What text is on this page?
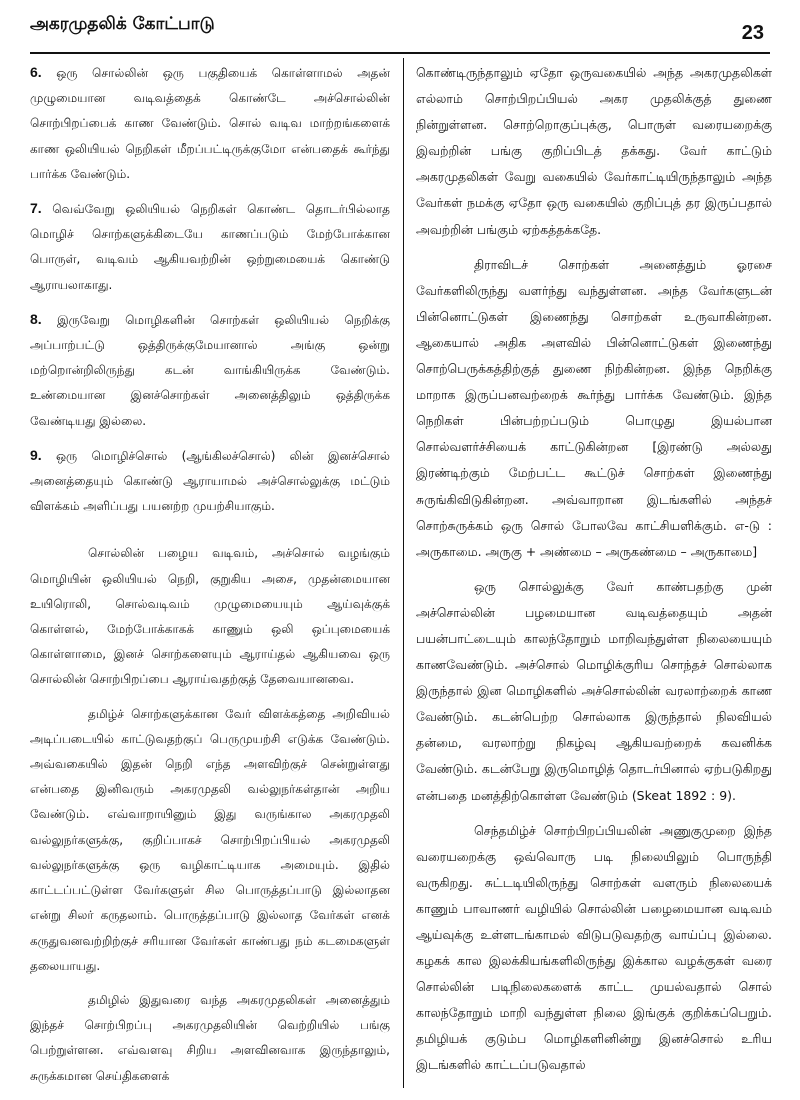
அகரமுதலிக் கோட்பாடு	23

6. ஒரு சொல்லின் ஒரு பகுதியைக் கொள்ளாமல் அதன் முழுமையான வடிவத்தைக் கொண்டே அச்சொல்லின் சொற்பிறப்பைக் காண வேண்டும். சொல் வடிவ மாற்றங்களைக் காண ஒலியியல் நெறிகள் மீறப்பட்டிருக்குமோ என்பதைக் கூர்ந்து பார்க்க வேண்டும்.

7. வெவ்வேறு ஒலியியல் நெறிகள் கொண்ட தொடர்பில்லாத மொழிச் சொற்களுக்கிடையே காணப்படும் மேற்போக்கான பொருள், வடிவம் ஆகியவற்றின் ஒற்றுமையைக் கொண்டு ஆராயலாகாது.

8. இருவேறு மொழிகளின் சொற்கள் ஒலியியல் நெறிக்கு அப்பாற்பட்டு ஒத்திருக்குமேயானால் அங்கு ஒன்று மற்றொன்றிலிருந்து கடன் வாங்கியிருக்க வேண்டும். உண்மையான இனச்சொற்கள் அனைத்திலும் ஒத்திருக்க வேண்டியது இல்லை.

9. ஒரு மொழிச்சொல் (ஆங்கிலச்சொல்) லின் இனச்சொல் அனைத்தையும் கொண்டு ஆராயாமல் அச்சொல்லுக்கு மட்டும் விளக்கம் அளிப்பது பயனற்ற முயற்சியாகும்.

சொல்லின் பழைய வடிவம், அச்சொல் வழங்கும் மொழியின் ஒலியியல் நெறி, குறுகிய அசை, முதன்மையான உயிரொலி, சொல்வடிவம் முழுமையையும் ஆய்வுக்குக் கொள்ளல், மேற்போக்காகக் காணும் ஒலி ஒப்புமையைக் கொள்ளாமை, இனச் சொற்களையும் ஆராய்தல் ஆகியவை ஒரு சொல்லின் சொற்பிறப்பை ஆராய்வதற்குத் தேவையானவை.

தமிழ்ச் சொற்களுக்கான வேர் விளக்கத்தை அறிவியல் அடிப்படையில் காட்டுவதற்குப் பெருமுயற்சி எடுக்க வேண்டும். அவ்வகையில் இதன் நெறி எந்த அளவிற்குச் சென்றுள்ளது என்பதை இனிவரும் அகரமுதலி வல்லுநர்கள்தான் அறிய வேண்டும். எவ்வாறாயினும் இது வருங்கால அகரமுதலி வல்லுநர்களுக்கு, குறிப்பாகச் சொற்பிறப்பியல் அகரமுதலி வல்லுநர்களுக்கு ஒரு வழிகாட்டியாக அமையும். இதில் காட்டப்பட்டுள்ள வேர்களுள் சில பொருத்தப்பாடு இல்லாதன என்று சிலர் கருதலாம். பொருத்தப்பாடு இல்லாத வேர்கள் எனக் கருதுவனவற்றிற்குச் சரியான வேர்கள் காண்பது நம் கடமைகளுள் தலையாயது.

தமிழில் இதுவரை வந்த அகரமுதலிகள் அனைத்தும் இந்தச் சொற்பிறப்பு அகரமுதலியின் வெற்றியில் பங்கு பெற்றுள்ளன. எவ்வளவு சிறிய அளவினவாக இருந்தாலும், சுருக்கமான செய்திகளைக்

கொண்டிருந்தாலும் ஏதோ ஒருவகையில் அந்த அகரமுதலிகள் எல்லாம் சொற்பிறப்பியல் அகர முதலிக்குத் துணை நின்றுள்ளன. சொற்றொகுப்புக்கு, பொருள் வரையறைக்கு இவற்றின் பங்கு குறிப்பிடத் தக்கது. வேர் காட்டும் அகரமுதலிகள் வேறு வகையில் வேர்காட்டியிருந்தாலும் அந்த வேர்கள் நமக்கு ஏதோ ஒரு வகையில் குறிப்புத் தர இருப்பதால் அவற்றின் பங்கும் ஏற்கத்தக்கதே.

திராவிடச் சொற்கள் அனைத்தும் ஓரசை வேர்களிலிருந்து வளர்ந்து வந்துள்ளன. அந்த வேர்களுடன் பின்னொட்டுகள் இணைந்து சொற்கள் உருவாகின்றன. ஆகையால் அதிக அளவில் பின்னொட்டுகள் இணைந்து சொற்பெருக்கத்திற்குத் துணை நிற்கின்றன. இந்த நெறிக்கு மாறாக இருப்பனவற்றைக் கூர்ந்து பார்க்க வேண்டும். இந்த நெறிகள் பின்பற்றப்படும் பொழுது இயல்பான சொல்வளர்ச்சியைக் காட்டுகின்றன [இரண்டு அல்லது இரண்டிற்கும் மேற்பட்ட கூட்டுச் சொற்கள் இணைந்து சுருங்கிவிடுகின்றன. அவ்வாறான இடங்களில் அந்தச் சொற்சுருக்கம் ஒரு சொல் போலவே காட்சியளிக்கும். எ-டு : அருகாமை. அருகு + அண்மை – அருகண்மை – அருகாமை]

ஒரு சொல்லுக்கு வேர் காண்பதற்கு முன் அச்சொல்லின் பழமையான வடிவத்தையும் அதன் பயன்பாட்டையும் காலந்தோறும் மாறிவந்துள்ள நிலையையும் காணவேண்டும். அச்சொல் மொழிக்குரிய சொந்தச் சொல்லாக இருந்தால் இன மொழிகளில் அச்சொல்லின் வரலாற்றைக் காண வேண்டும். கடன்பெற்ற சொல்லாக இருந்தால் நிலவியல் தன்மை, வரலாற்று நிகழ்வு ஆகியவற்றைக் கவனிக்க வேண்டும். கடன்பேறு இருமொழித் தொடர்பினால் ஏற்படுகிறது என்பதை மனத்திற்கொள்ள வேண்டும் (Skeat 1892 : 9).

செந்தமிழ்ச் சொற்பிறப்பியலின் அணுகுமுறை இந்த வரையறைக்கு ஒவ்வொரு படி நிலையிலும் பொருந்தி வருகிறது. சுட்டடியிலிருந்து சொற்கள் வளரும் நிலையைக் காணும் பாவாணர் வழியில் சொல்லின் பழைமையான வடிவம் ஆய்வுக்கு உள்ளடங்காமல் விடுபடுவதற்கு வாய்ப்பு இல்லை. கழகக் கால இலக்கியங்களிலிருந்து இக்கால வழக்குகள் வரை சொல்லின் படிநிலைகளைக் காட்ட முயல்வதால் சொல் காலந்தோறும் மாறி வந்துள்ள நிலை இங்குக் குறிக்கப்பெறும். தமிழியக் குடும்ப மொழிகளினின்று இனச்சொல் உரிய இடங்களில் காட்டப்படுவதால்
